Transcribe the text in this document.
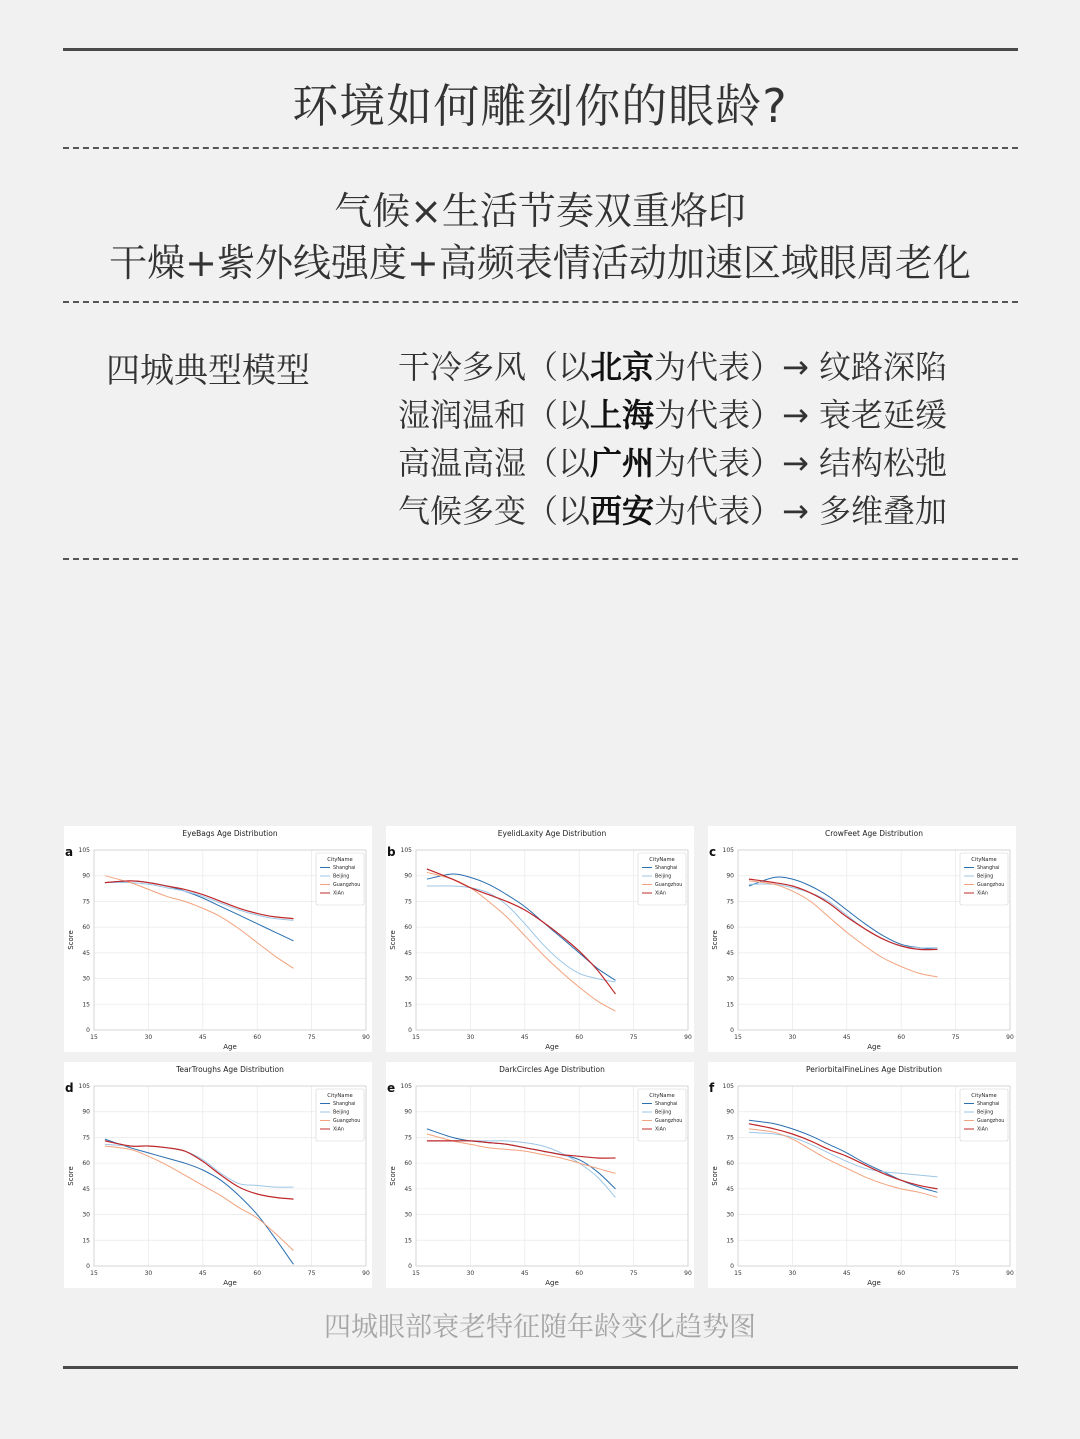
环境如何雕刻你的眼龄?
气候×生活节奏双重烙印
干燥+紫外线强度+高频表情活动加速区域眼周老化
四城典型模型	干冷多风（以北京为代表）→ 纹路深陷
湿润温和（以上海为代表）→ 衰老延缓
高温高湿（以广州为代表）→ 结构松弛
气候多变（以西安为代表）→ 多维叠加
EyeBags Age Distribution
a
15	30	45	60	75	90
0
15
30
45
60
75
90
105
Age
Score
CityName
Shanghai
Beijing
Guangzhou
XiAn
EyelidLaxity Age Distribution
b
15	30	45	60	75	90
0
15
30
45
60
75
90
105
Age
Score
CityName
Shanghai
Beijing
Guangzhou
XiAn
CrowFeet Age Distribution
c
15	30	45	60	75	90
0
15
30
45
60
75
90
105
Age
Score
CityName
Shanghai
Beijing
Guangzhou
XiAn
TearTroughs Age Distribution
d
15	30	45	60	75	90
0
15
30
45
60
75
90
105
Age
Score
CityName
Shanghai
Beijing
Guangzhou
XiAn
DarkCircles Age Distribution
e
15	30	45	60	75	90
0
15
30
45
60
75
90
105
Age
Score
CityName
Shanghai
Beijing
Guangzhou
XiAn
PeriorbitalFineLines Age Distribution
f
15	30	45	60	75	90
0
15
30
45
60
75
90
105
Age
Score
CityName
Shanghai
Beijing
Guangzhou
XiAn
四城眼部衰老特征随年龄变化趋势图
